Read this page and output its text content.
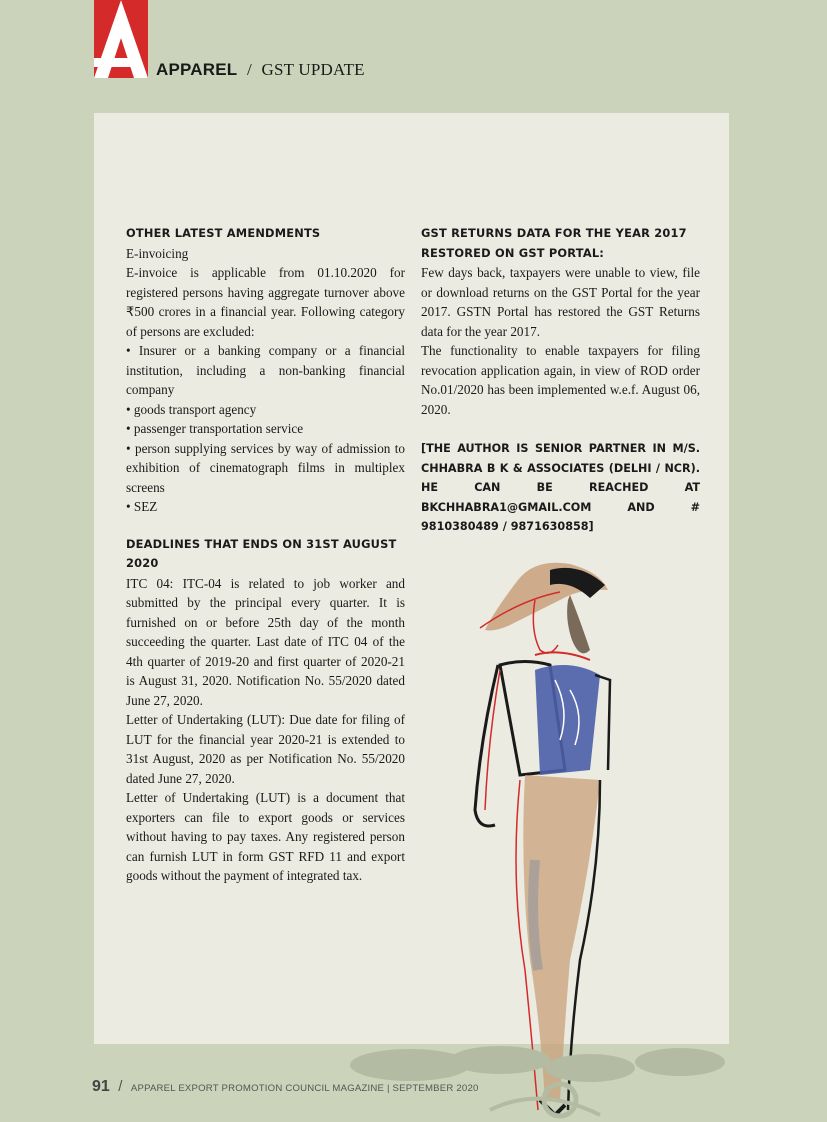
APPAREL / GST UPDATE
OTHER LATEST AMENDMENTS
E-invoicing
E-invoice is applicable from 01.10.2020 for registered persons having aggregate turnover above ₹500 crores in a financial year. Following category of persons are excluded:
• Insurer or a banking company or a financial institution, including a non-banking financial company
• goods transport agency
• passenger transportation service
• person supplying services by way of admission to exhibition of cinematograph films in multiplex screens
• SEZ
DEADLINES THAT ENDS ON 31ST AUGUST 2020
ITC 04: ITC-04 is related to job worker and submitted by the principal every quarter. It is furnished on or before 25th day of the month succeeding the quarter. Last date of ITC 04 of the 4th quarter of 2019-20 and first quarter of 2020-21 is August 31, 2020. Notification No. 55/2020 dated June 27, 2020.
Letter of Undertaking (LUT): Due date for filing of LUT for the financial year 2020-21 is extended to 31st August, 2020 as per Notification No. 55/2020 dated June 27, 2020.
Letter of Undertaking (LUT) is a document that exporters can file to export goods or services without having to pay taxes. Any registered person can furnish LUT in form GST RFD 11 and export goods without the payment of integrated tax.
GST RETURNS DATA FOR THE YEAR 2017 RESTORED ON GST PORTAL:
Few days back, taxpayers were unable to view, file or download returns on the GST Portal for the year 2017. GSTN Portal has restored the GST Returns data for the year 2017.
The functionality to enable taxpayers for filing revocation application again, in view of ROD order No.01/2020 has been implemented w.e.f. August 06, 2020.
[THE AUTHOR IS SENIOR PARTNER IN M/S. CHHABRA B K & ASSOCIATES (DELHI / NCR). HE CAN BE REACHED AT BKCHHABRA1@GMAIL.COM AND # 9810380489 / 9871630858]
91 / APPAREL EXPORT PROMOTION COUNCIL MAGAZINE | SEPTEMBER 2020
